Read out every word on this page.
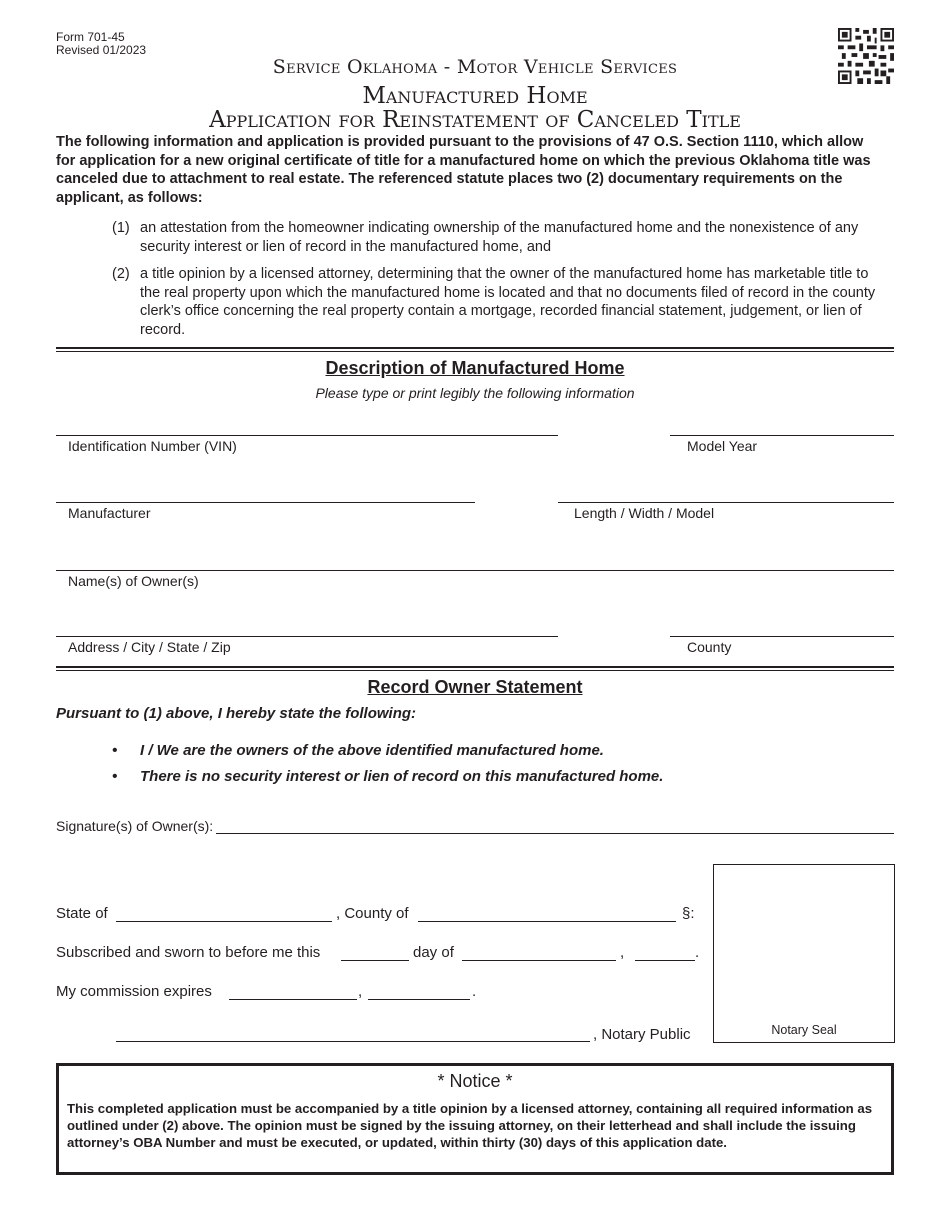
Form 701-45
Revised 01/2023
Service Oklahoma - Motor Vehicle Services
Manufactured Home
Application for Reinstatement of Canceled Title
The following information and application is provided pursuant to the provisions of 47 O.S. Section 1110, which allow for application for a new original certificate of title for a manufactured home on which the previous Oklahoma title was canceled due to attachment to real estate. The referenced statute places two (2) documentary requirements on the applicant, as follows:
(1) an attestation from the homeowner indicating ownership of the manufactured home and the nonexistence of any security interest or lien of record in the manufactured home, and
(2) a title opinion by a licensed attorney, determining that the owner of the manufactured home has marketable title to the real property upon which the manufactured home is located and that no documents filed of record in the county clerk’s office concerning the real property contain a mortgage, recorded financial statement, judgement, or lien of record.
Description of Manufactured Home
Please type or print legibly the following information
Identification Number (VIN)	Model Year
Manufacturer	Length / Width / Model
Name(s) of Owner(s)
Address / City / State / Zip	County
Record Owner Statement
Pursuant to (1) above, I hereby state the following:
• I / We are the owners of the above identified manufactured home.
• There is no security interest or lien of record on this manufactured home.
Signature(s) of Owner(s):
State of	, County of	§:
Subscribed and sworn to before me this	day of	,	.
My commission expires	,	.
, Notary Public	Notary Seal
* Notice *
This completed application must be accompanied by a title opinion by a licensed attorney, containing all required information as outlined under (2) above. The opinion must be signed by the issuing attorney, on their letterhead and shall include the issuing attorney’s OBA Number and must be executed, or updated, within thirty (30) days of this application date.
